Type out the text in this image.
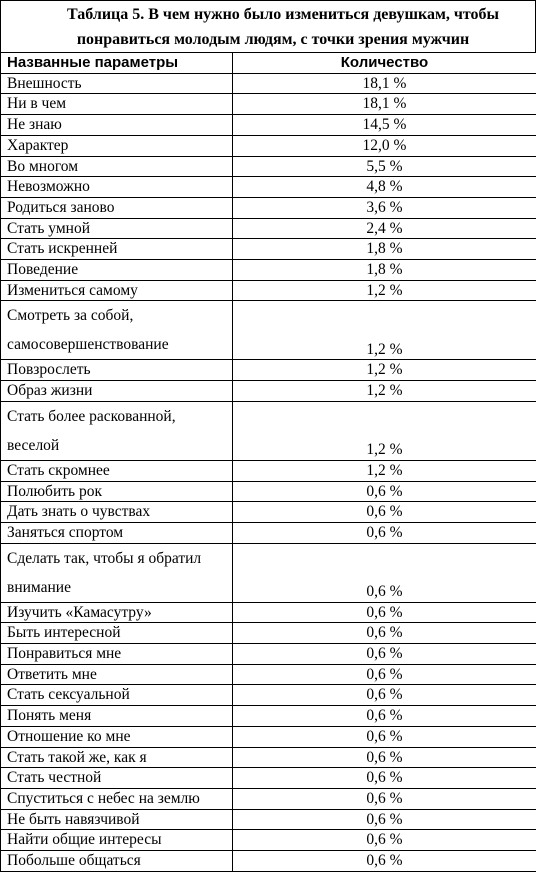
Таблица 5. В чем нужно было измениться девушкам, чтобы
понравиться молодым людям, с точки зрения мужчин
Названные параметры	Количество
Внешность	18,1 %
Ни в чем	18,1 %
Не знаю	14,5 %
Характер	12,0 %
Во многом	5,5 %
Невозможно	4,8 %
Родиться заново	3,6 %
Стать умной	2,4 %
Стать искренней	1,8 %
Поведение	1,8 %
Измениться самому	1,2 %
Смотреть за собой,
самосовершенствование	1,2 %
Повзрослеть	1,2 %
Образ жизни	1,2 %
Стать более раскованной,
веселой	1,2 %
Стать скромнее	1,2 %
Полюбить рок	0,6 %
Дать знать о чувствах	0,6 %
Заняться спортом	0,6 %
Сделать так, чтобы я обратил
внимание	0,6 %
Изучить «Камасутру»	0,6 %
Быть интересной	0,6 %
Понравиться мне	0,6 %
Ответить мне	0,6 %
Стать сексуальной	0,6 %
Понять меня	0,6 %
Отношение ко мне	0,6 %
Стать такой же, как я	0,6 %
Стать честной	0,6 %
Спуститься с небес на землю	0,6 %
Не быть навязчивой	0,6 %
Найти общие интересы	0,6 %
Побольше общаться	0,6 %
